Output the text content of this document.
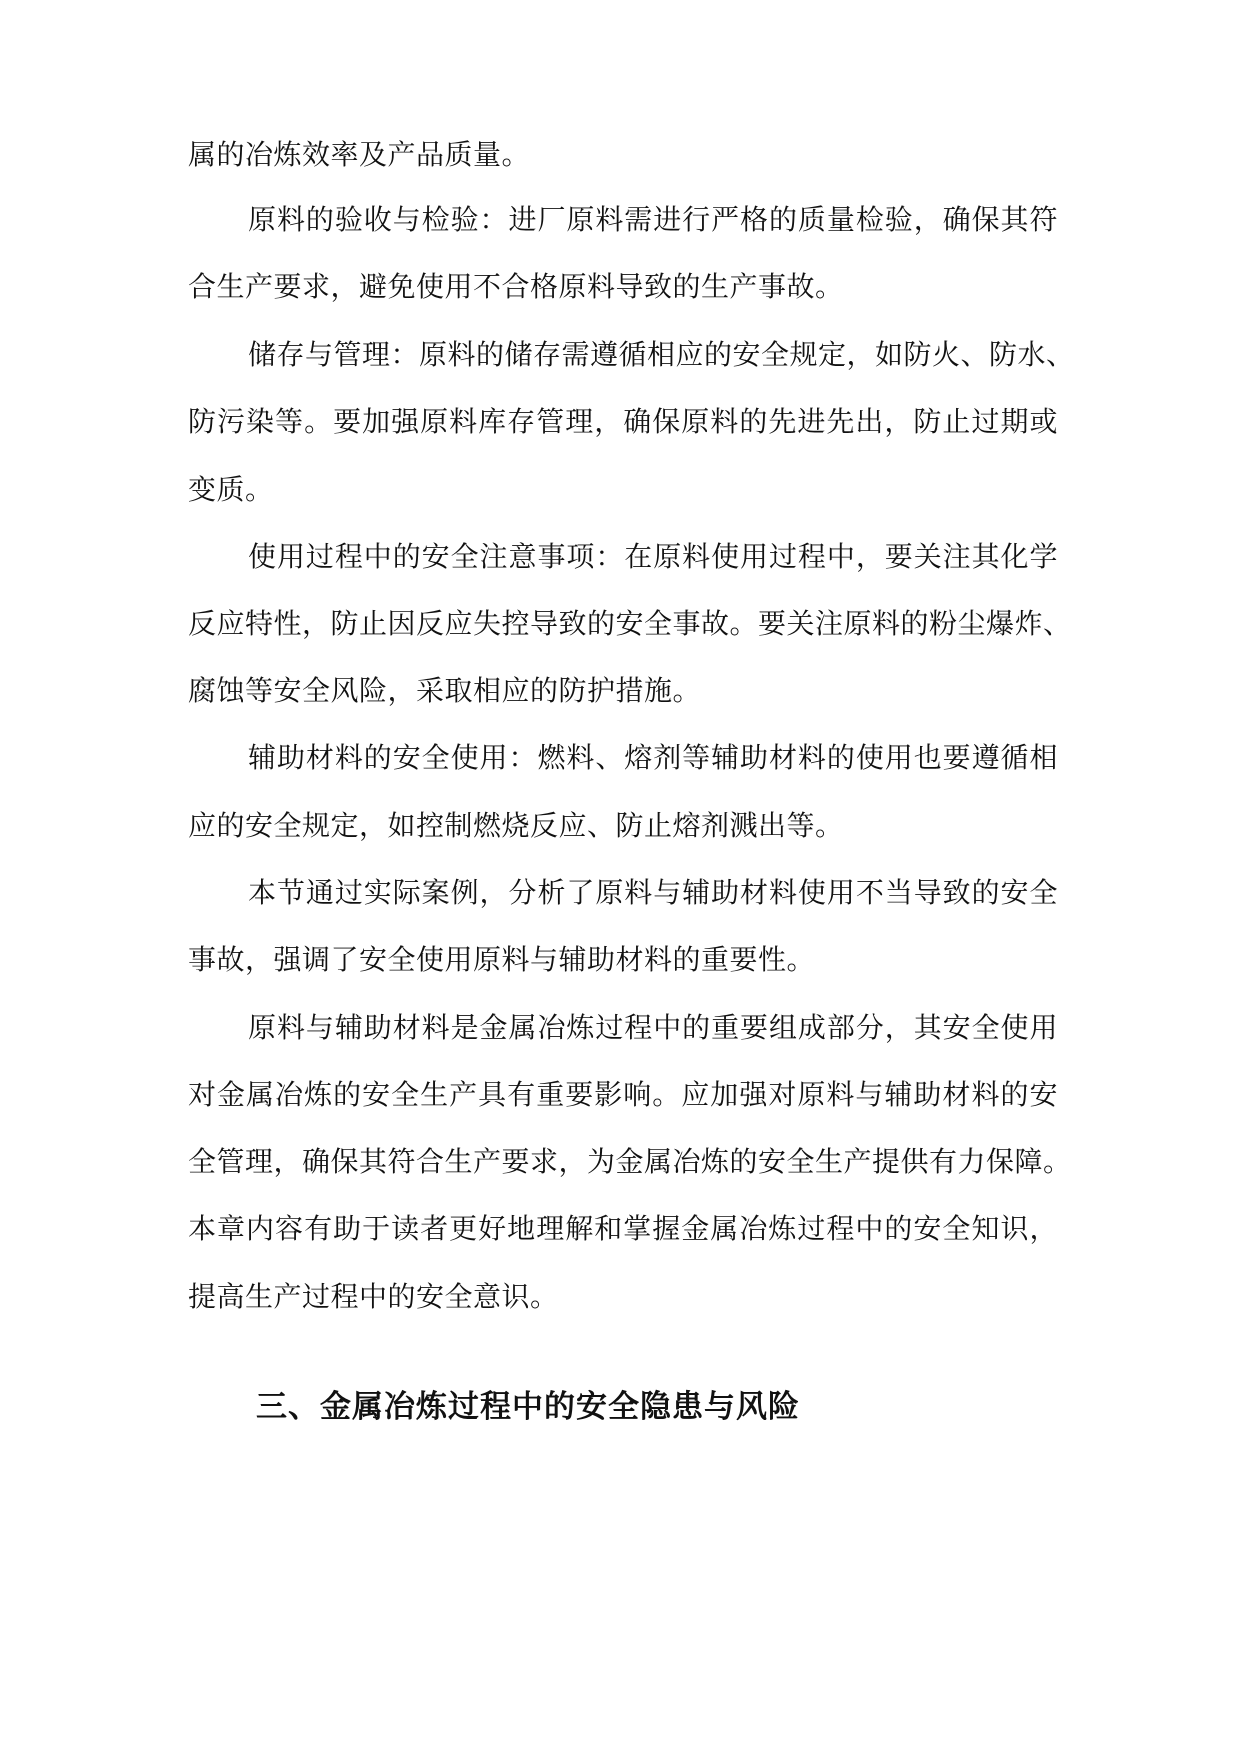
属的冶炼效率及产品质量。
原料的验收与检验：进厂原料需进行严格的质量检验，确保其符
合生产要求，避免使用不合格原料导致的生产事故。
储存与管理：原料的储存需遵循相应的安全规定，如防火、防水、
防污染等。要加强原料库存管理，确保原料的先进先出，防止过期或
变质。
使用过程中的安全注意事项：在原料使用过程中，要关注其化学
反应特性，防止因反应失控导致的安全事故。要关注原料的粉尘爆炸、
腐蚀等安全风险，采取相应的防护措施。
辅助材料的安全使用：燃料、熔剂等辅助材料的使用也要遵循相
应的安全规定，如控制燃烧反应、防止熔剂溅出等。
本节通过实际案例，分析了原料与辅助材料使用不当导致的安全
事故，强调了安全使用原料与辅助材料的重要性。
原料与辅助材料是金属冶炼过程中的重要组成部分，其安全使用
对金属冶炼的安全生产具有重要影响。应加强对原料与辅助材料的安
全管理，确保其符合生产要求，为金属冶炼的安全生产提供有力保障。
本章内容有助于读者更好地理解和掌握金属冶炼过程中的安全知识，
提高生产过程中的安全意识。
三、金属冶炼过程中的安全隐患与风险
